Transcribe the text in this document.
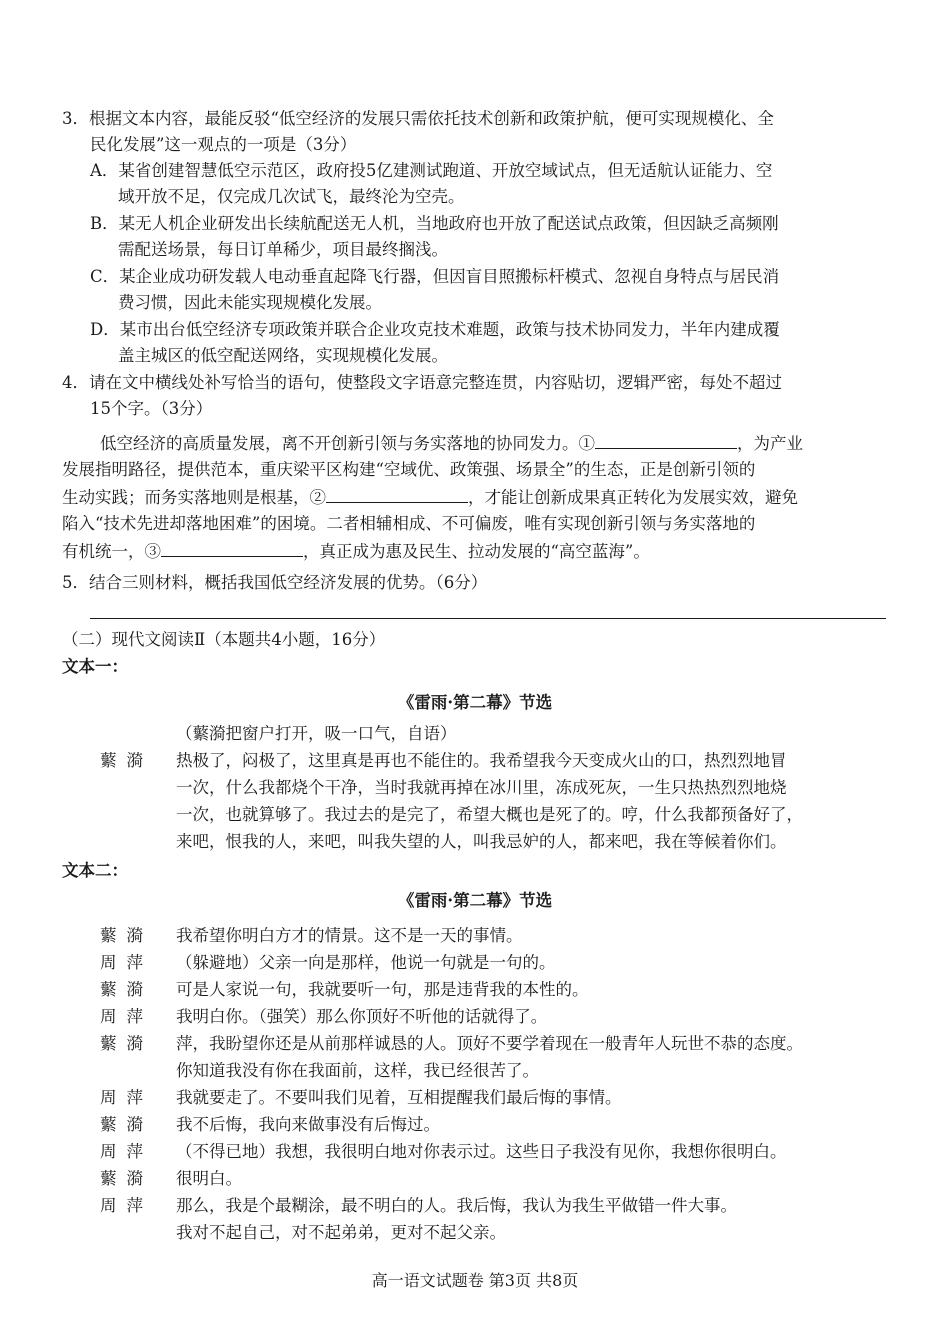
3．根据文本内容，最能反驳“低空经济的发展只需依托技术创新和政策护航，便可实现规模化、全
民化发展”这一观点的一项是（3分）
A．某省创建智慧低空示范区，政府投5亿建测试跑道、开放空域试点，但无适航认证能力、空
域开放不足，仅完成几次试飞，最终沦为空壳。
B．某无人机企业研发出长续航配送无人机，当地政府也开放了配送试点政策，但因缺乏高频刚
需配送场景，每日订单稀少，项目最终搁浅。
C．某企业成功研发载人电动垂直起降飞行器，但因盲目照搬标杆模式、忽视自身特点与居民消
费习惯，因此未能实现规模化发展。
D．某市出台低空经济专项政策并联合企业攻克技术难题，政策与技术协同发力，半年内建成覆
盖主城区的低空配送网络，实现规模化发展。
4．请在文中横线处补写恰当的语句，使整段文字语意完整连贯，内容贴切，逻辑严密，每处不超过
15个字。（3分）
低空经济的高质量发展，离不开创新引领与务实落地的协同发力。①	，为产业
发展指明路径，提供范本，重庆梁平区构建“空域优、政策强、场景全”的生态，正是创新引领的
生动实践；而务实落地则是根基，②	，才能让创新成果真正转化为发展实效，避免
陷入“技术先进却落地困难”的困境。二者相辅相成、不可偏废，唯有实现创新引领与务实落地的
有机统一，③	，真正成为惠及民生、拉动发展的“高空蓝海”。
5．结合三则材料，概括我国低空经济发展的优势。（6分）
（二）现代文阅读Ⅱ（本题共4小题，16分）
文本一：
《雷雨·第二幕》节选
（蘩漪把窗户打开，吸一口气，自语）
蘩漪	热极了，闷极了，这里真是再也不能住的。我希望我今天变成火山的口，热烈烈地冒
一次，什么我都烧个干净，当时我就再掉在冰川里，冻成死灰，一生只热热烈烈地烧
一次，也就算够了。我过去的是完了，希望大概也是死了的。哼，什么我都预备好了，
来吧，恨我的人，来吧，叫我失望的人，叫我忌妒的人，都来吧，我在等候着你们。
文本二：
《雷雨·第二幕》节选
蘩漪	我希望你明白方才的情景。这不是一天的事情。
周萍	（躲避地）父亲一向是那样，他说一句就是一句的。
蘩漪	可是人家说一句，我就要听一句，那是违背我的本性的。
周萍	我明白你。（强笑）那么你顶好不听他的话就得了。
蘩漪	萍，我盼望你还是从前那样诚恳的人。顶好不要学着现在一般青年人玩世不恭的态度。
你知道我没有你在我面前，这样，我已经很苦了。
周萍	我就要走了。不要叫我们见着，互相提醒我们最后悔的事情。
蘩漪	我不后悔，我向来做事没有后悔过。
周萍	（不得已地）我想，我很明白地对你表示过。这些日子我没有见你，我想你很明白。
蘩漪	很明白。
周萍	那么，我是个最糊涂，最不明白的人。我后悔，我认为我生平做错一件大事。
我对不起自己，对不起弟弟，更对不起父亲。
高一语文试题卷 第3页 共8页
